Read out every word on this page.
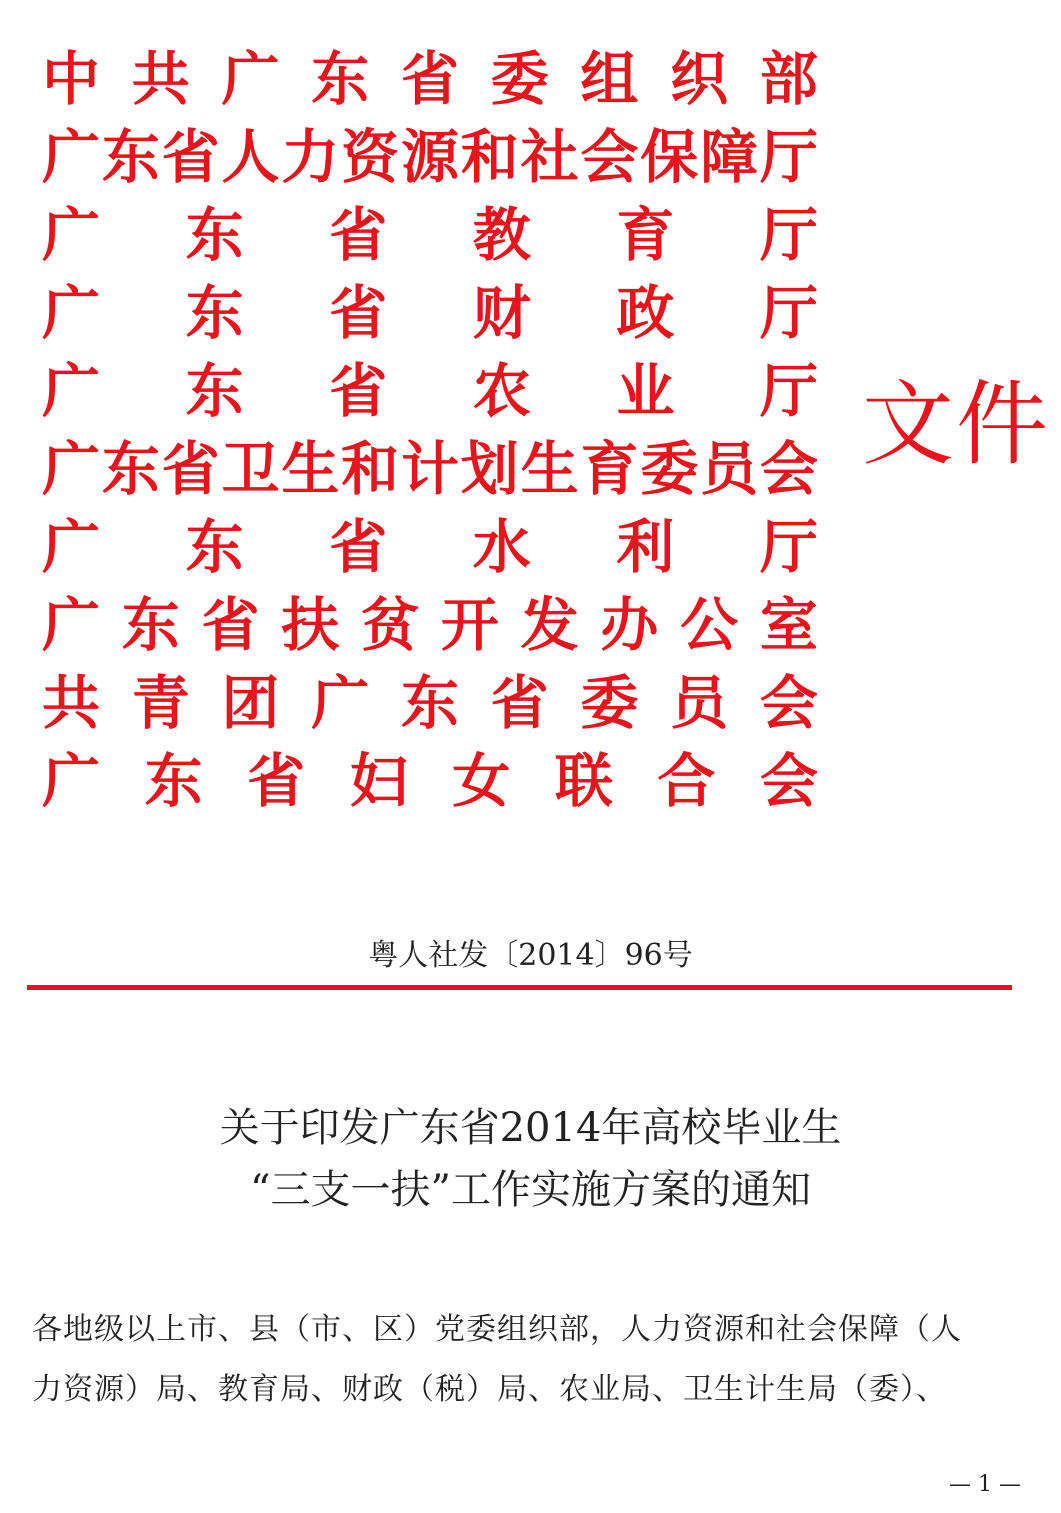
中 共 广 东 省 委 组 织 部
广 东 省 人 力 资 源 和 社 会 保 障 厅
广 东 省 教 育 厅
广 东 省 财 政 厅
广 东 省 农 业 厅
广 东 省 卫 生 和 计 划 生 育 委 员 会
广 东 省 水 利 厅
广 东 省 扶 贫 开 发 办 公 室
共 青 团 广 东 省 委 员 会
广 东 省 妇 女 联 合 会
文件
粤人社发〔2014〕96号
关于印发广东省2014年高校毕业生
“三支一扶”工作实施方案的通知
各地级以上市、县（市、区）党委组织部，人力资源和社会保障（人
力资源）局、教育局、财政（税）局、农业局、卫生计生局（委）、
— 1 —
